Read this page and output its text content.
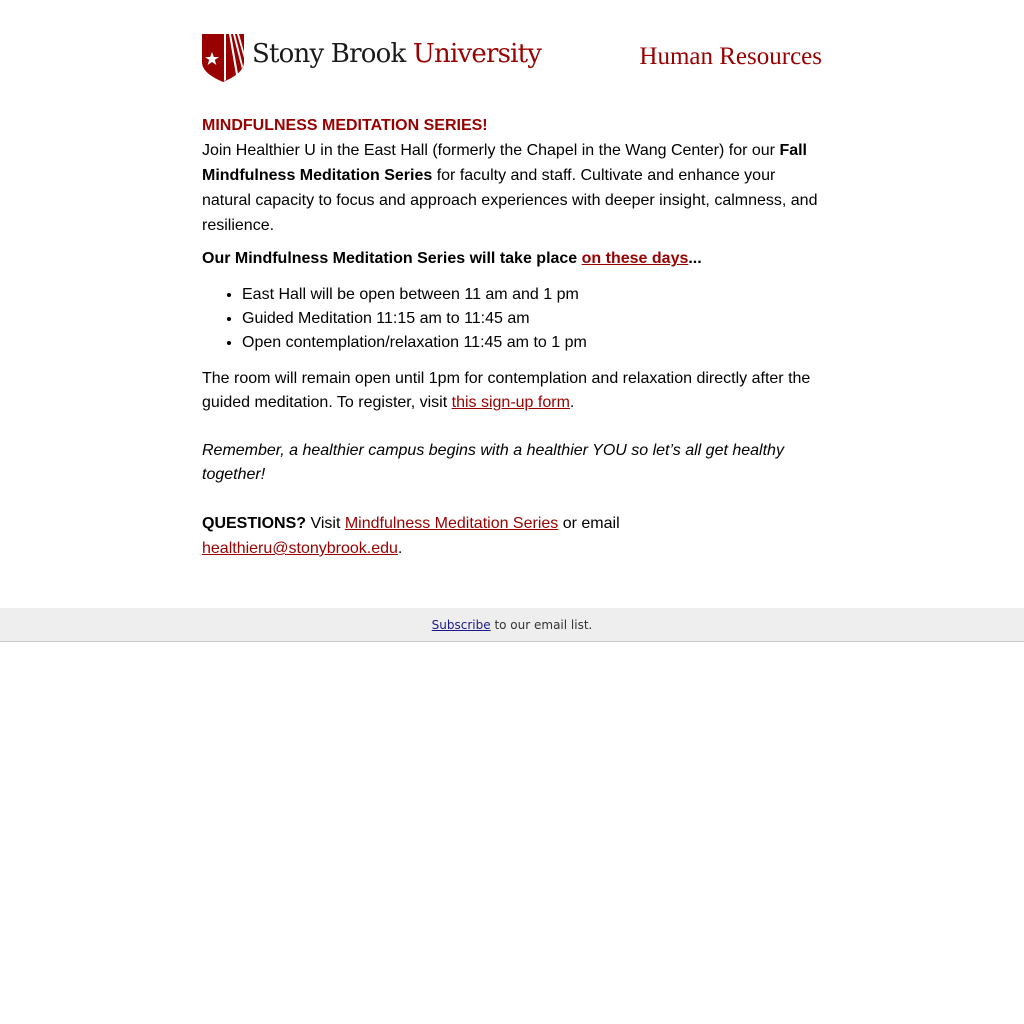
Stony Brook University	Human Resources
MINDFULNESS MEDITATION SERIES!

Join Healthier U in the East Hall (formerly the Chapel in the Wang Center) for our Fall Mindfulness Meditation Series for faculty and staff. Cultivate and enhance your natural capacity to focus and approach experiences with deeper insight, calmness, and resilience.

Our Mindfulness Meditation Series will take place on these days...

• East Hall will be open between 11 am and 1 pm
• Guided Meditation 11:15 am to 11:45 am
• Open contemplation/relaxation 11:45 am to 1 pm

The room will remain open until 1pm for contemplation and relaxation directly after the guided meditation. To register, visit this sign-up form.

Remember, a healthier campus begins with a healthier YOU so let’s all get healthy together!

QUESTIONS? Visit Mindfulness Meditation Series or email healthieru@stonybrook.edu.

Subscribe to our email list.
